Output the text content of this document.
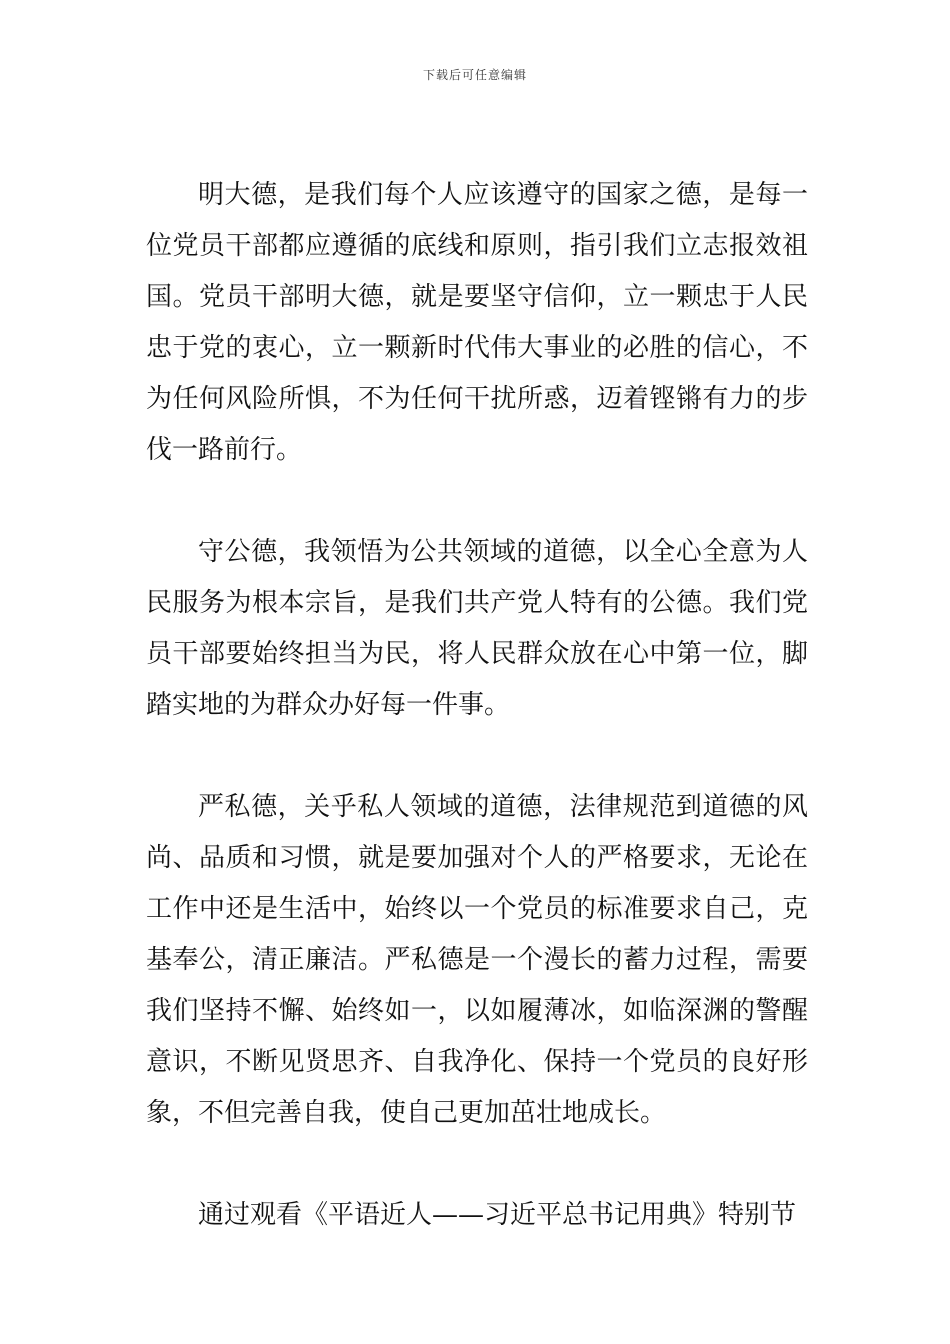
下载后可任意编辑

明大德，是我们每个人应该遵守的国家之德，是每一位党员干部都应遵循的底线和原则，指引我们立志报效祖国。党员干部明大德，就是要坚守信仰，立一颗忠于人民忠于党的衷心，立一颗新时代伟大事业的必胜的信心，不为任何风险所惧，不为任何干扰所惑，迈着铿锵有力的步伐一路前行。

守公德，我领悟为公共领域的道德，以全心全意为人民服务为根本宗旨，是我们共产党人特有的公德。我们党员干部要始终担当为民，将人民群众放在心中第一位，脚踏实地的为群众办好每一件事。

严私德，关乎私人领域的道德，法律规范到道德的风尚、品质和习惯，就是要加强对个人的严格要求，无论在工作中还是生活中，始终以一个党员的标准要求自己，克基奉公，清正廉洁。严私德是一个漫长的蓄力过程，需要我们坚持不懈、始终如一，以如履薄冰，如临深渊的警醒意识，不断见贤思齐、自我净化、保持一个党员的良好形象，不但完善自我，使自己更加茁壮地成长。

通过观看《平语近人——习近平总书记用典》特别节
